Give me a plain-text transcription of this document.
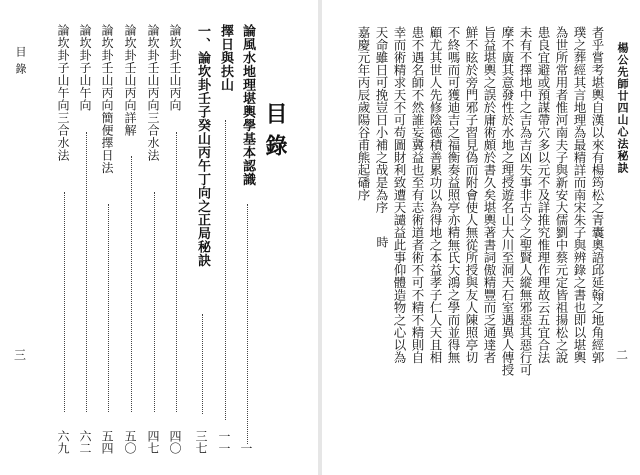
目錄
三
論風水地理堪輿學基本認識
一
擇日與扶山
一一
一、論坎卦壬子癸山丙午丁向之正局秘訣
三七
論坎卦壬山丙向
四〇
論坎卦壬山丙向三合水法
四七
論坎卦壬山丙向詳解
五〇
論坎卦壬山丙向簡便擇日法
五四
論坎卦子山午向
六二
論坎卦子山午向三合水法
六九
目錄	楊公先師廿四山心法秘訣
二
者乎嘗考堪輿自漢以來有楊筠松之青囊奧語邱延翰之地角經郭
璞之葬經其言地理為最精詳而南宋朱子與辨錄之書也即以堪輿
為世所常用者惟河南夫子與新安大儒劉中蔡元定皆祖揚松之說
患良宜避或預謀帶穴多以元不及詳推究惟理作理故云五宜合法
未有不擇地中之吉為吉凶失事非古今之聖賢人縱無邪惡其惡行可
摩不廣其意發性於水地之理授遊名山大川至洞天石室遇異人傳授
旨益堪輿之誤於庸術頗於書久矣堪輿著書詞傲精豐而乏通達者
鮮不眩於旁門邪子習見偽而附會使人無從所授與友人陳照亭切
不終嗎而可獲迪吉之福衡奏益照亭亦精無氏大鴻之學而並得無
顧尤其世人先修陰德積善累功以為得地之本益孝子仁人天且相
患不遇名師不然誰妄冀益也至有志術道者術不可不精不精則自
幸而術精求天不可苟圖財利致遭天譴益此事仰體造物之心以為
天命雖日可挽豈日小補之哉是為序
時
嘉慶元年丙辰歲陽谷甫熊起磻序
